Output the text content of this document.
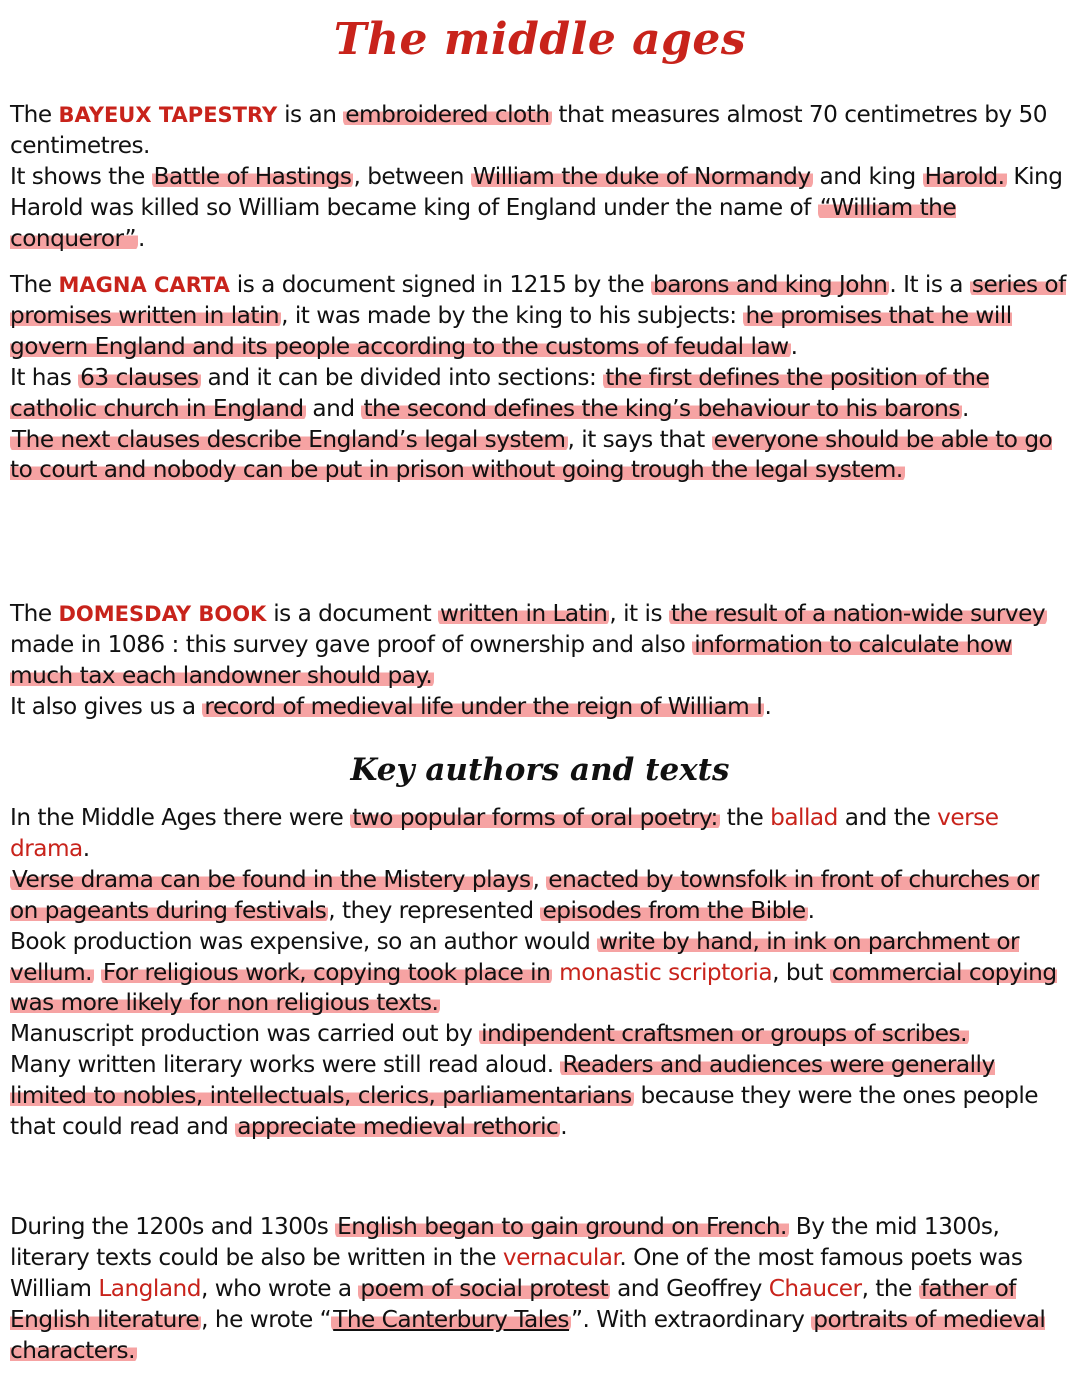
The middle ages

The BAYEUX TAPESTRY is an embroidered cloth that measures almost 70 centimetres by 50 centimetres.
It shows the Battle of Hastings, between William the duke of Normandy and king Harold. King Harold was killed so William became king of England under the name of “William the conqueror”.

The MAGNA CARTA is a document signed in 1215 by the barons and king John. It is a series of promises written in latin, it was made by the king to his subjects: he promises that he will govern England and its people according to the customs of feudal law.
It has 63 clauses and it can be divided into sections: the first defines the position of the catholic church in England and the second defines the king’s behaviour to his barons.
The next clauses describe England’s legal system, it says that everyone should be able to go to court and nobody can be put in prison without going trough the legal system.

The DOMESDAY BOOK is a document written in Latin, it is the result of a nation-wide survey made in 1086 : this survey gave proof of ownership and also information to calculate how much tax each landowner should pay.
It also gives us a record of medieval life under the reign of William I.

Key authors and texts

In the Middle Ages there were two popular forms of oral poetry: the ballad and the verse drama.
Verse drama can be found in the Mistery plays, enacted by townsfolk in front of churches or on pageants during festivals, they represented episodes from the Bible.
Book production was expensive, so an author would write by hand, in ink on parchment or vellum. For religious work, copying took place in monastic scriptoria, but commercial copying was more likely for non religious texts.
Manuscript production was carried out by indipendent craftsmen or groups of scribes.
Many written literary works were still read aloud. Readers and audiences were generally limited to nobles, intellectuals, clerics, parliamentarians because they were the ones people that could read and appreciate medieval rethoric.

During the 1200s and 1300s English began to gain ground on French. By the mid 1300s, literary texts could be also be written in the vernacular. One of the most famous poets was William Langland, who wrote a poem of social protest and Geoffrey Chaucer, the father of English literature, he wrote “The Canterbury Tales”. With extraordinary portraits of medieval characters.
